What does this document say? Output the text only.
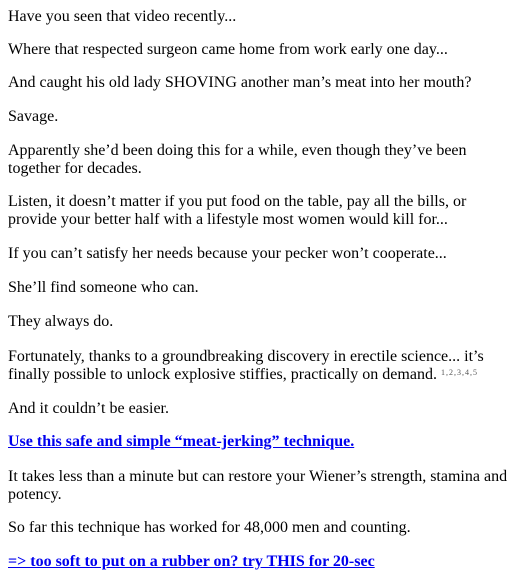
Have you seen that video recently...

Where that respected surgeon came home from work early one day...

And caught his old lady SHOVING another man’s meat into her mouth?

Savage.

Apparently she’d been doing this for a while, even though they’ve been together for decades.

Listen, it doesn’t matter if you put food on the table, pay all the bills, or provide your better half with a lifestyle most women would kill for...

If you can’t satisfy her needs because your pecker won’t cooperate...

She’ll find someone who can.

They always do.

Fortunately, thanks to a groundbreaking discovery in erectile science... it’s finally possible to unlock explosive stiffies, practically on demand. $^{1,2,3,4,5}$

And it couldn’t be easier.

Use this safe and simple “meat-jerking” technique.

It takes less than a minute but can restore your Wiener’s strength, stamina and potency.

So far this technique has worked for 48,000 men and counting.

=> too soft to put on a rubber on? try THIS for 20-sec
